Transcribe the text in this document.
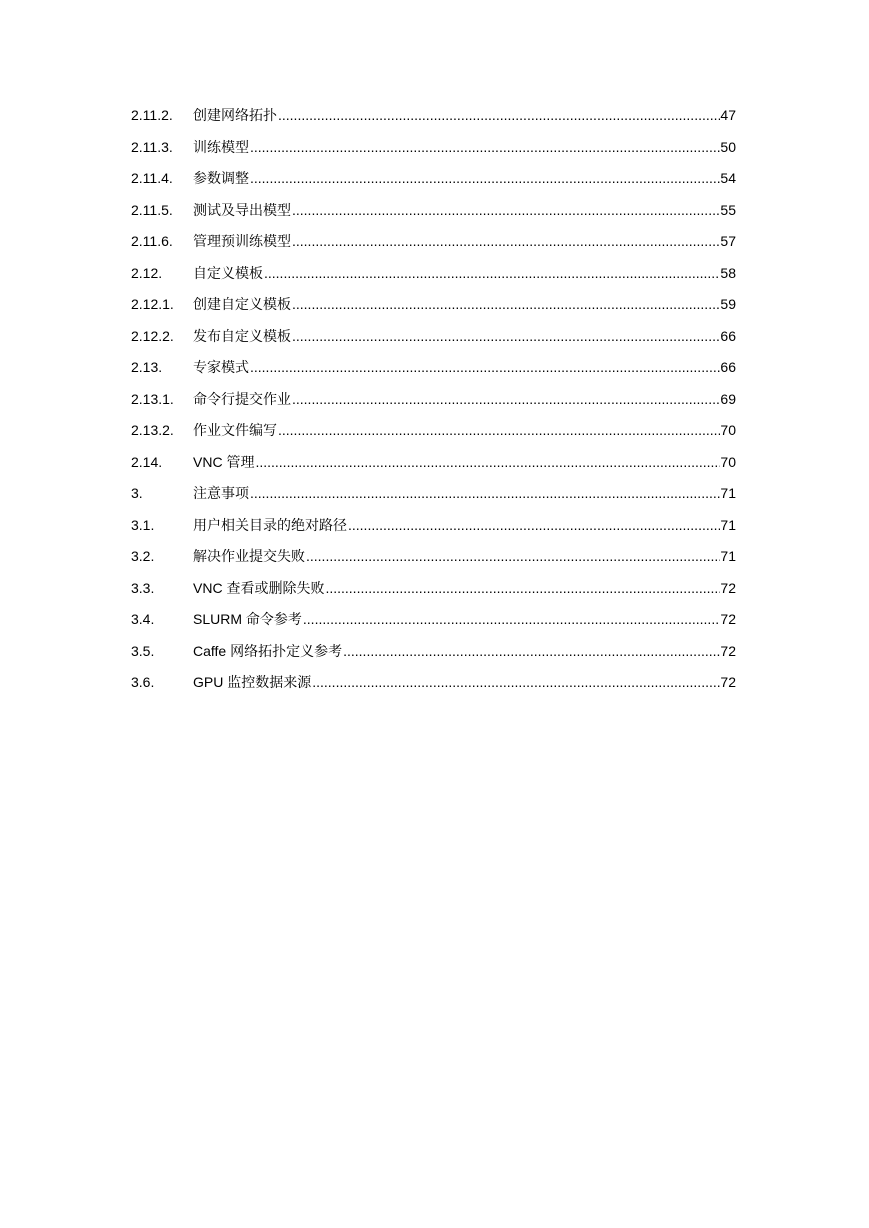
2.11.2.	创建网络拓扑 .....	47
2.11.3.	训练模型 .....	50
2.11.4.	参数调整 .....	54
2.11.5.	测试及导出模型 .....	55
2.11.6.	管理预训练模型 .....	57
2.12.	自定义模板 .....	58
2.12.1.	创建自定义模板 .....	59
2.12.2.	发布自定义模板 .....	66
2.13.	专家模式 .....	66
2.13.1.	命令行提交作业 .....	69
2.13.2.	作业文件编写 .....	70
2.14.	VNC 管理 .....	70
3.	注意事项 .....	71
3.1.	用户相关目录的绝对路径 .....	71
3.2.	解决作业提交失败 .....	71
3.3.	VNC 查看或删除失败 .....	72
3.4.	SLURM 命令参考 .....	72
3.5.	Caffe 网络拓扑定义参考 .....	72
3.6.	GPU 监控数据来源 .....	72
